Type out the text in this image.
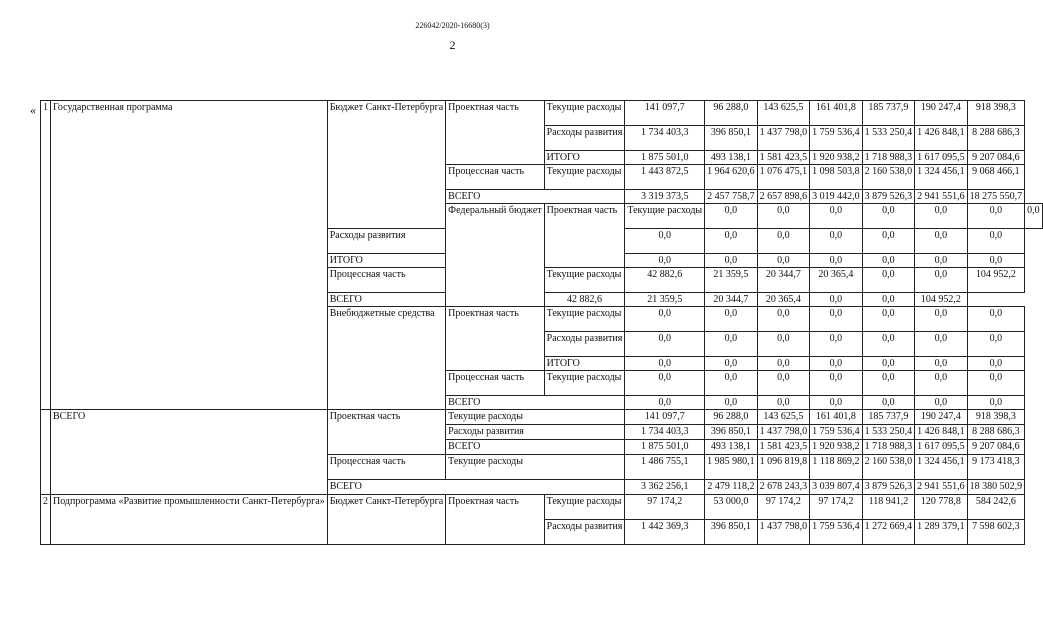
226042/2020-16680(3)
2
« 1	Государственная программа	Бюджет Санкт-Петербурга	Проектная часть	Текущие расходы	141 097,7	96 288,0	143 625,5	161 401,8	185 737,9	190 247,4	918 398,3	
				Расходы развития	1 734 403,3	396 850,1	1 437 798,0	1 759 536,4	1 533 250,4	1 426 848,1	8 288 686,3	
				ИТОГО	1 875 501,0	493 138,1	1 581 423,5	1 920 938,2	1 718 988,3	1 617 095,5	9 207 084,6	
			Процессная часть	Текущие расходы	1 443 872,5	1 964 620,6	1 076 475,1	1 098 503,8	2 160 538,0	1 324 456,1	9 068 466,1	
			ВСЕГО		3 319 373,5	2 457 758,7	2 657 898,6	3 019 442,0	3 879 526,3	2 941 551,6	18 275 550,7	
			Федеральный бюджет	Проектная часть	Текущие расходы	0,0	0,0	0,0	0,0	0,0	0,0	0,0
		Расходы развития			0,0	0,0	0,0	0,0	0,0	0,0	0,0	
		ИТОГО			0,0	0,0	0,0	0,0	0,0	0,0	0,0	
		Процессная часть		Текущие расходы	42 882,6	21 359,5	20 344,7	20 365,4	0,0	0,0	104 952,2	
		ВСЕГО		42 882,6	21 359,5	20 344,7	20 365,4	0,0	0,0	104 952,2		
		Внебюджетные средства	Проектная часть	Текущие расходы	0,0	0,0	0,0	0,0	0,0	0,0	0,0	
				Расходы развития	0,0	0,0	0,0	0,0	0,0	0,0	0,0	
				ИТОГО	0,0	0,0	0,0	0,0	0,0	0,0	0,0	
			Процессная часть	Текущие расходы	0,0	0,0	0,0	0,0	0,0	0,0	0,0	
			ВСЕГО		0,0	0,0	0,0	0,0	0,0	0,0	0,0	
	ВСЕГО	Проектная часть	Текущие расходы		141 097,7	96 288,0	143 625,5	161 401,8	185 737,9	190 247,4	918 398,3	
			Расходы развития		1 734 403,3	396 850,1	1 437 798,0	1 759 536,4	1 533 250,4	1 426 848,1	8 288 686,3	
			ВСЕГО		1 875 501,0	493 138,1	1 581 423,5	1 920 938,2	1 718 988,3	1 617 095,5	9 207 084,6	
		Процессная часть	Текущие расходы		1 486 755,1	1 985 980,1	1 096 819,8	1 118 869,2	2 160 538,0	1 324 456,1	9 173 418,3	
		ВСЕГО			3 362 256,1	2 479 118,2	2 678 243,3	3 039 807,4	3 879 526,3	2 941 551,6	18 380 502,9	
2	Подпрограмма «Развитие промышленности Санкт-Петербурга»	Бюджет Санкт-Петербурга	Проектная часть	Текущие расходы	97 174,2	53 000,0	97 174,2	97 174,2	118 941,2	120 778,8	584 242,6	
				Расходы развития	1 442 369,3	396 850,1	1 437 798,0	1 759 536,4	1 272 669,4	1 289 379,1	7 598 602,3	
